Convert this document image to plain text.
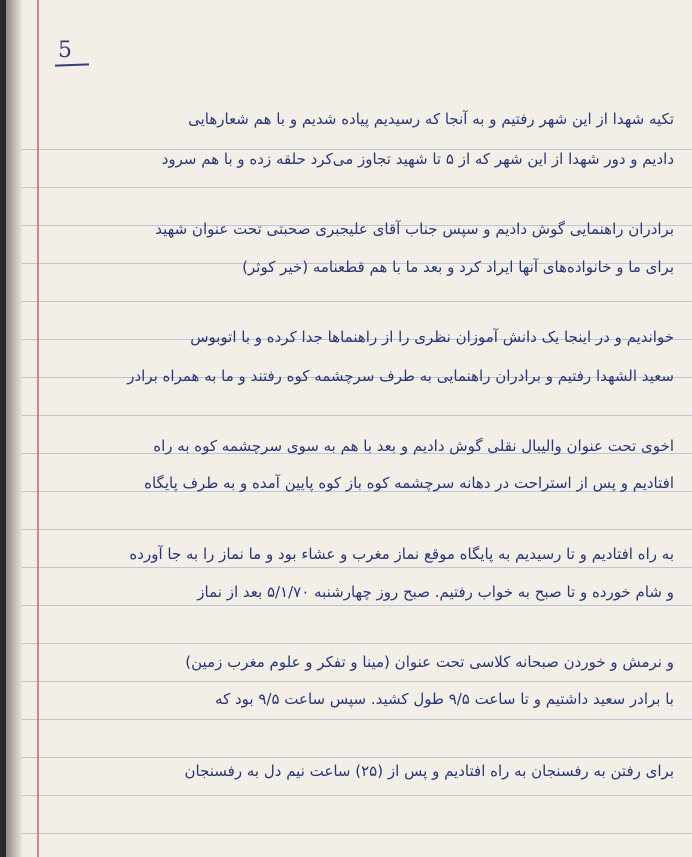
5
تکیه شهدا از این شهر رفتیم و به آنجا که رسیدیم پیاده شدیم و با هم شعارهایی
دادیم و دور شهدا از این شهر که از ۵ تا شهید تجاوز می‌کرد حلقه زده و با هم سرود
برادران راهنمایی گوش دادیم و سپس جناب آقای علیجبری صحبتی تحت عنوان شهید
برای ما و خانواده‌های آنها ایراد کرد و بعد ما با هم قطعنامه (خیر کوثر)
خواندیم و در اینجا یک دانش آموزان نظری را از راهنماها جدا کرده و با اتوبوس
سعید الشهدا رفتیم و برادران راهنمایی به طرف سرچشمه کوه رفتند و ما به همراه برادر
اخوی تحت عنوان والیبال نقلی گوش دادیم و بعد با هم به سوی سرچشمه کوه به راه
افتادیم و پس از استراحت در دهانه سرچشمه کوه باز کوه پایین آمده و به طرف پایگاه
به راه افتادیم و تا رسیدیم به پایگاه موقع نماز مغرب و عشاء بود و ما نماز را به جا آورده
و شام خورده و تا صبح به خواب رفتیم. صبح روز چهارشنبه ۵/۱/۷۰ بعد از نماز
و نرمش و خوردن صبحانه کلاسی تحت عنوان (مینا و تفکر و علوم مغرب زمین)
با برادر سعید داشتیم و تا ساعت ۹/۵ طول کشید. سپس ساعت ۹/۵ بود که
برای رفتن به رفسنجان به راه افتادیم و پس از (۲۵) ساعت نیم دل به رفسنجان
